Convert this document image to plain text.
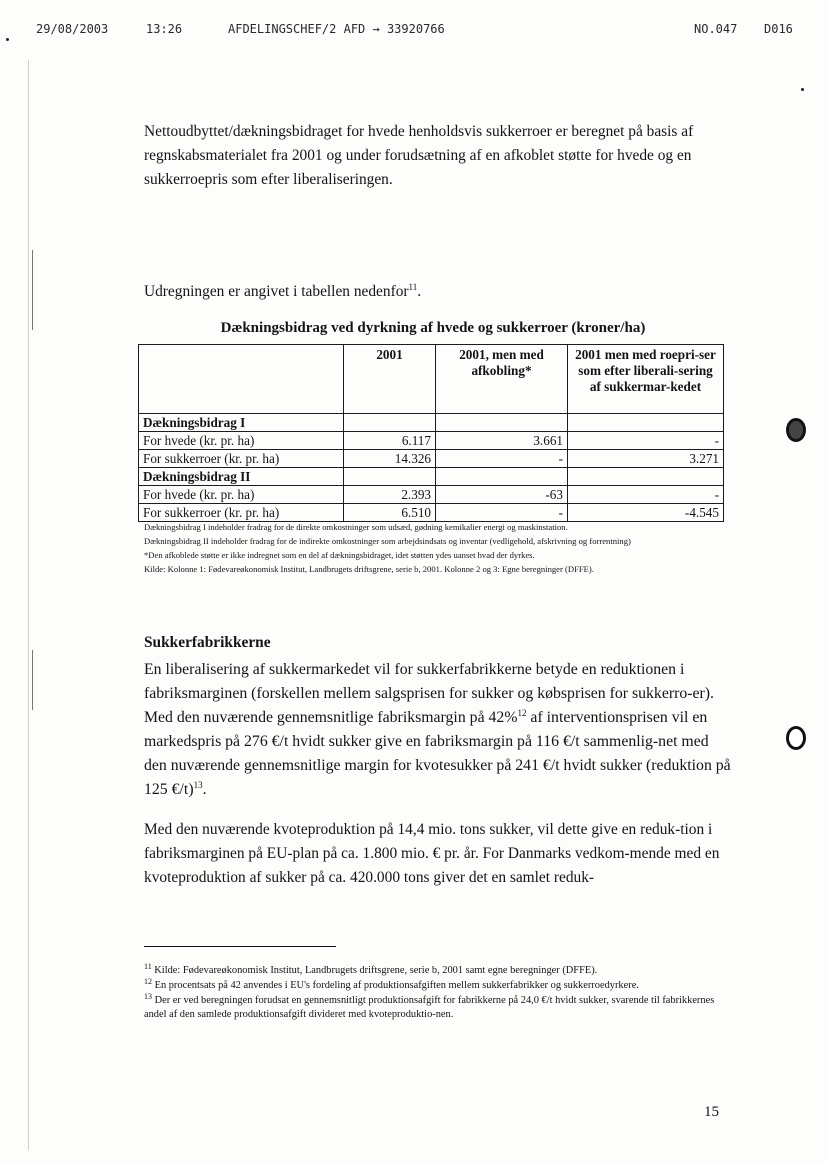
29/08/2003	13:26	AFDELINGSCHEF/2 AFD → 33920766	NO.047 D016

Nettoudbyttet/dækningsbidraget for hvede henholdsvis sukkerroer er beregnet på basis af regnskabsmaterialet fra 2001 og under forudsætning af en afkoblet støtte for hvede og en sukkerroepris som efter liberaliseringen.

Udregningen er angivet i tabellen nedenfor$^{11}$.

Dækningsbidrag ved dyrkning af hvede og sukkerroer (kroner/ha)
	2001	2001, men med afkobling*	2001 men med roepri-ser som efter liberali-sering af sukkermar-kedet
Dækningsbidrag I			
For hvede (kr. pr. ha)	6.117	3.661	-
For sukkerroer (kr. pr. ha)	14.326	-	3.271
Dækningsbidrag II			
For hvede (kr. pr. ha)	2.393	-63	-
For sukkerroer (kr. pr. ha)	6.510	-	-4.545
Dækningsbidrag I indeholder fradrag for de direkte omkostninger som udsæd, gødning kemikalier energi og maskinstation.
Dækningsbidrag II indeholder fradrag for de indirekte omkostninger som arbejdsindsats og inventar (vedligehold, afskrivning og forrentning)
*Den afkoblede støtte er ikke indregnet som en del af dækningsbidraget, idet støtten ydes uanset hvad der dyrkes.
Kilde: Kolonne 1: Fødevareøkonomisk Institut, Landbrugets driftsgrene, serie b, 2001. Kolonne 2 og 3: Egne beregninger (DFFE).
Sukkerfabrikkerne

En liberalisering af sukkermarkedet vil for sukkerfabrikkerne betyde en reduktionen i fabriksmarginen (forskellen mellem salgsprisen for sukker og købsprisen for sukkerro-er). Med den nuværende gennemsnitlige fabriksmargin på 42%$^{12}$ af interventionsprisen vil en markedspris på 276 €/t hvidt sukker give en fabriksmargin på 116 €/t sammenlig-net med den nuværende gennemsnitlige margin for kvotesukker på 241 €/t hvidt sukker (reduktion på 125 €/t)$^{13}$.

Med den nuværende kvoteproduktion på 14,4 mio. tons sukker, vil dette give en reduk-tion i fabriksmarginen på EU-plan på ca. 1.800 mio. € pr. år. For Danmarks vedkom-mende med en kvoteproduktion af sukker på ca. 420.000 tons giver det en samlet reduk-

$^{11}$ Kilde: Fødevareøkonomisk Institut, Landbrugets driftsgrene, serie b, 2001 samt egne beregninger (DFFE).
$^{12}$ En procentsats på 42 anvendes i EU's fordeling af produktionsafgiften mellem sukkerfabrikker og sukkerroedyrkere.
$^{13}$ Der er ved beregningen forudsat en gennemsnitligt produktionsafgift for fabrikkerne på 24,0 €/t hvidt sukker, svarende til fabrikkernes andel af den samlede produktionsafgift divideret med kvoteproduktio-nen.
15
